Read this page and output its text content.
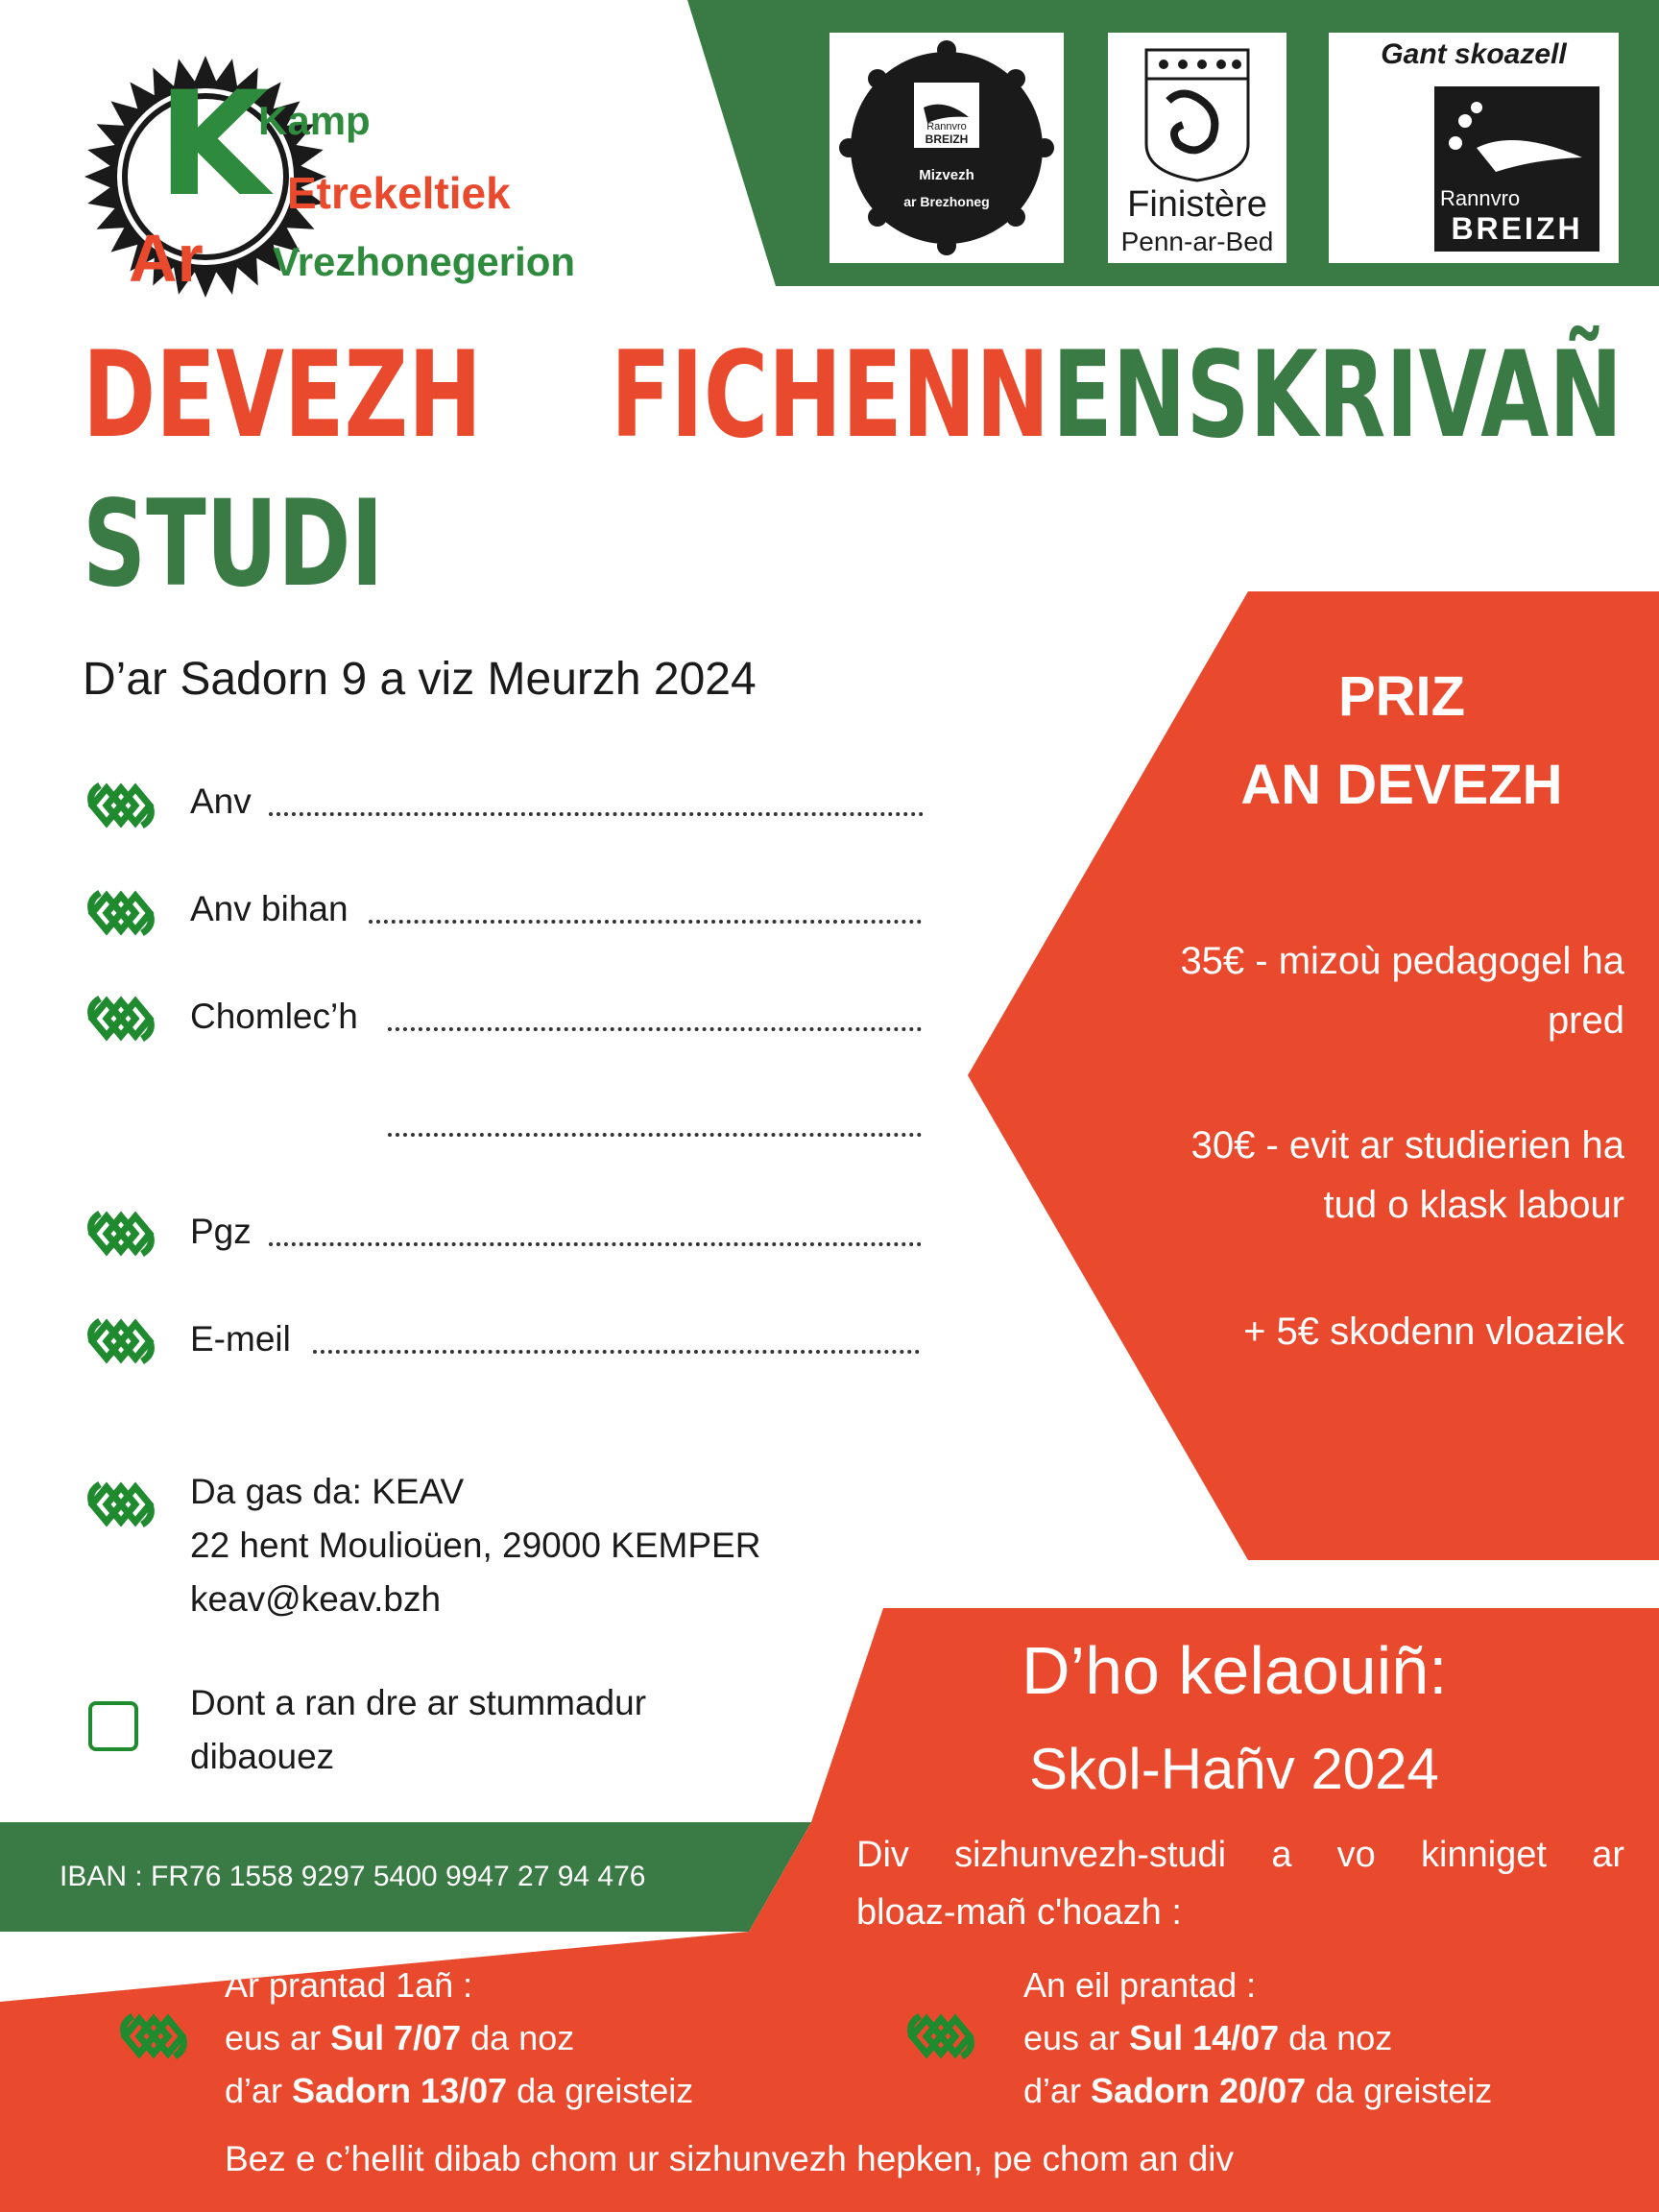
K
Kamp
Etrekeltiek
Ar Vrezhonegerion
Rannvro
BREIZH
Mizvezh
ar Brezhoneg	Finistère
Penn-ar-Bed
Gant skoazell
Rannvro
BREIZH
DEVEZH
STUDI
FICHENN ENSKRIVAÑ
D’ar Sadorn 9 a viz Meurzh 2024
Anv
Anv bihan
Chomlec’h
Pgz
E-meil
Da gas da: KEAV
22 hent Moulioüen, 29000 KEMPER
keav@keav.bzh
Dont a ran dre ar stummadur
dibaouez
IBAN : FR76 1558 9297 5400 9947 27 94 476
PRIZ
AN DEVEZH
35€ - mizoù pedagogel ha
pred
30€ - evit ar studierien ha
tud o klask labour
+ 5€ skodenn vloaziek
D’ho kelaouiñ:
Skol-Hañv 2024
Div sizhunvezh-studi a vo kinniget ar
bloaz-mañ c'hoazh :
Ar prantad 1añ :
eus ar Sul 7/07 da noz
d’ar Sadorn 13/07 da greisteiz
An eil prantad :
eus ar Sul 14/07 da noz
d’ar Sadorn 20/07 da greisteiz
Bez e c’hellit dibab chom ur sizhunvezh hepken, pe chom an div
